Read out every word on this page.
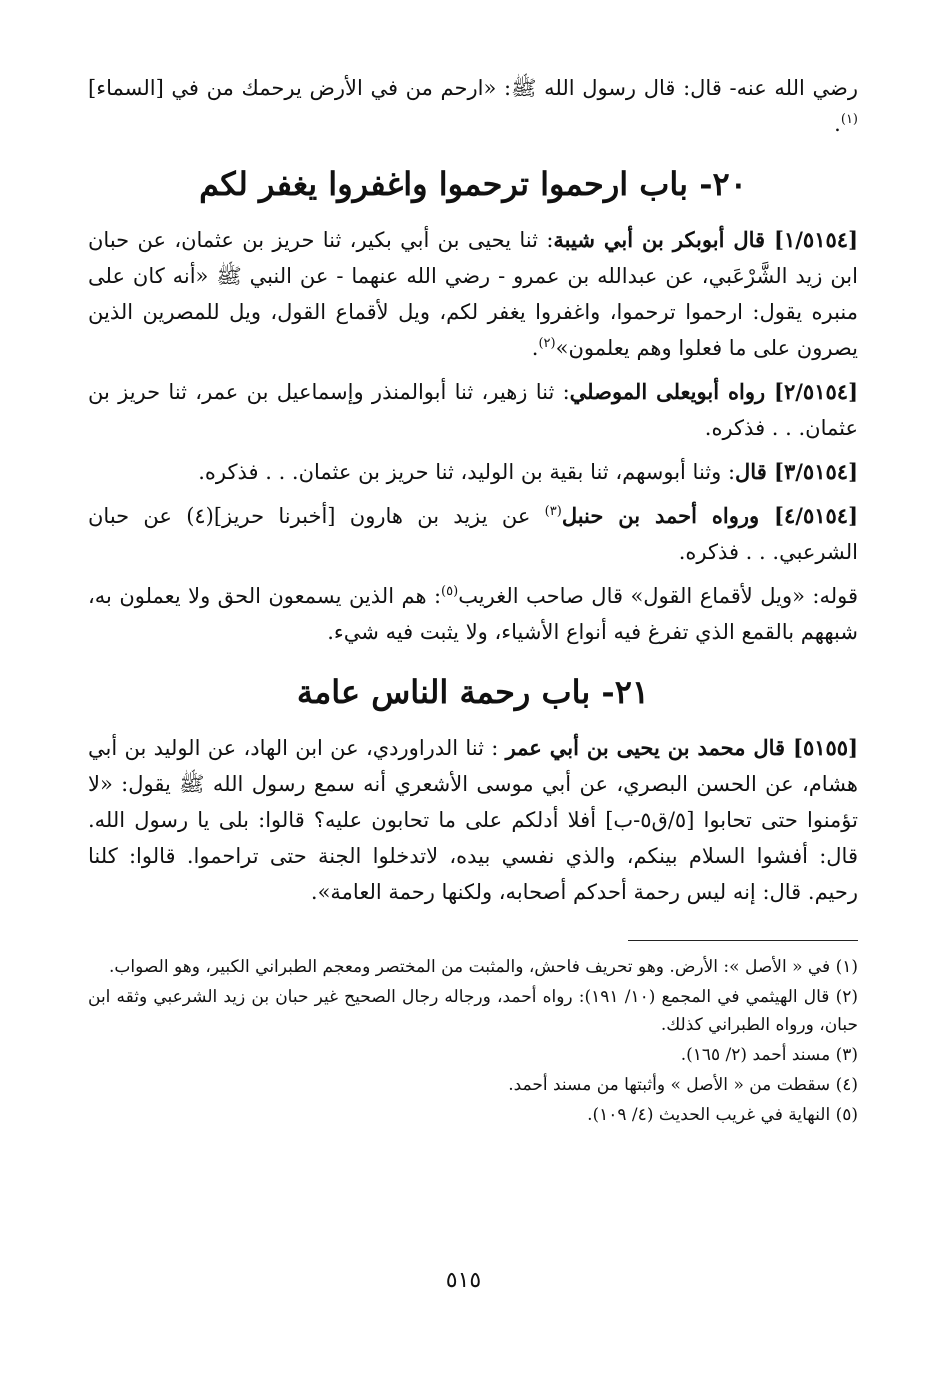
رضي الله عنه- قال: قال رسول الله ﷺ: «ارحم من في الأرض يرحمك من في [السماء]$^{(١)}$.

٢٠- باب ارحموا ترحموا واغفروا يغفر لكم

[١/٥١٥٤] قال أبوبكر بن أبي شيبة: ثنا يحيى بن أبي بكير، ثنا حريز بن عثمان، عن حبان ابن زيد الشَّرْعَبي، عن عبدالله بن عمرو - رضي الله عنهما - عن النبي ﷺ «أنه كان على منبره يقول: ارحموا ترحموا، واغفروا يغفر لكم، ويل لأقماع القول، ويل للمصرين الذين يصرون على ما فعلوا وهم يعلمون»$^{(٢)}$.

[٢/٥١٥٤] رواه أبويعلى الموصلي: ثنا زهير، ثنا أبوالمنذر وإسماعيل بن عمر، ثنا حريز بن عثمان. . . فذكره.

[٣/٥١٥٤] قال: وثنا أبوسهم، ثنا بقية بن الوليد، ثنا حريز بن عثمان. . . فذكره.

[٤/٥١٥٤] ورواه أحمد بن حنبل$^{(٣)}$ عن يزيد بن هارون [أخبرنا حريز](٤) عن حبان الشرعبي. . . فذكره.

قوله: «ويل لأقماع القول» قال صاحب الغريب$^{(٥)}$: هم الذين يسمعون الحق ولا يعملون به، شبههم بالقمع الذي تفرغ فيه أنواع الأشياء، ولا يثبت فيه شيء.

٢١- باب رحمة الناس عامة

[٥١٥٥] قال محمد بن يحيى بن أبي عمر : ثنا الدراوردي، عن ابن الهاد، عن الوليد بن أبي هشام، عن الحسن البصري، عن أبي موسى الأشعري أنه سمع رسول الله ﷺ يقول: «لا تؤمنوا حتى تحابوا [٥/ق٥-ب] أفلا أدلكم على ما تحابون عليه؟ قالوا: بلى يا رسول الله. قال: أفشوا السلام بينكم، والذي نفسي بيده، لاتدخلوا الجنة حتى تراحموا. قالوا: كلنا رحيم. قال: إنه ليس رحمة أحدكم أصحابه، ولكنها رحمة العامة».

(١) في « الأصل »: الأرض. وهو تحريف فاحش، والمثبت من المختصر ومعجم الطبراني الكبير، وهو الصواب.
(٢) قال الهيثمي في المجمع (١٠/ ١٩١): رواه أحمد، ورجاله رجال الصحيح غير حبان بن زيد الشرعبي وثقه ابن حبان، ورواه الطبراني كذلك.
(٣) مسند أحمد (٢/ ١٦٥).
(٤) سقطت من « الأصل » وأثبتها من مسند أحمد.
(٥) النهاية في غريب الحديث (٤/ ١٠٩).
٥١٥
